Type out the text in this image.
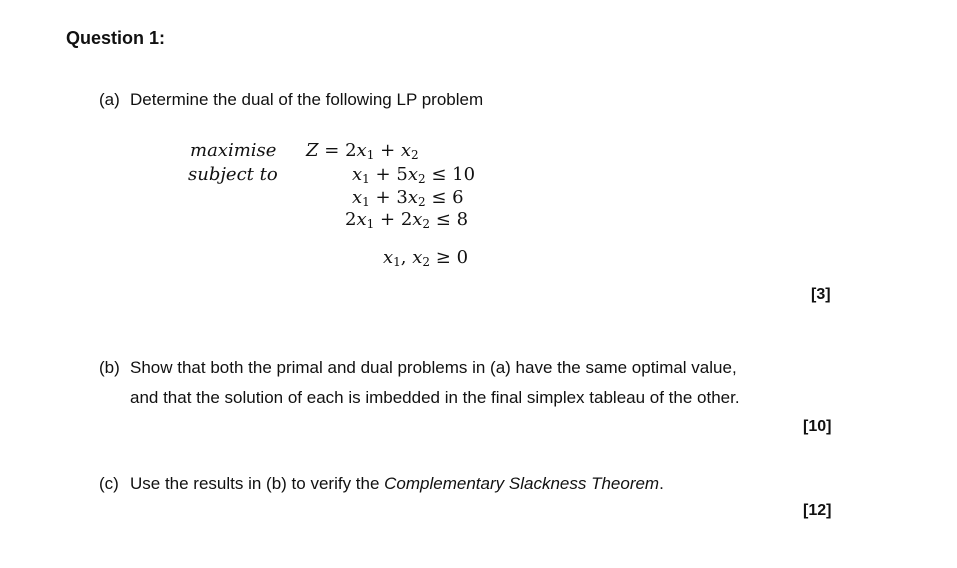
Question 1:
(a) Determine the dual of the following LP problem
maximise
subject to
$Z = 2x_1 + x_2$
$x_1 + 5x_2 \le 10$
$x_1 + 3x_2 \le 6$
$2x_1 + 2x_2 \le 8$
$x_1$, $x_2 \ge 0$
[3]
(b) Show that both the primal and dual problems in (a) have the same optimal value,
and that the solution of each is imbedded in the final simplex tableau of the other.
[10]
(c) Use the results in (b) to verify the Complementary Slackness Theorem.
[12]
